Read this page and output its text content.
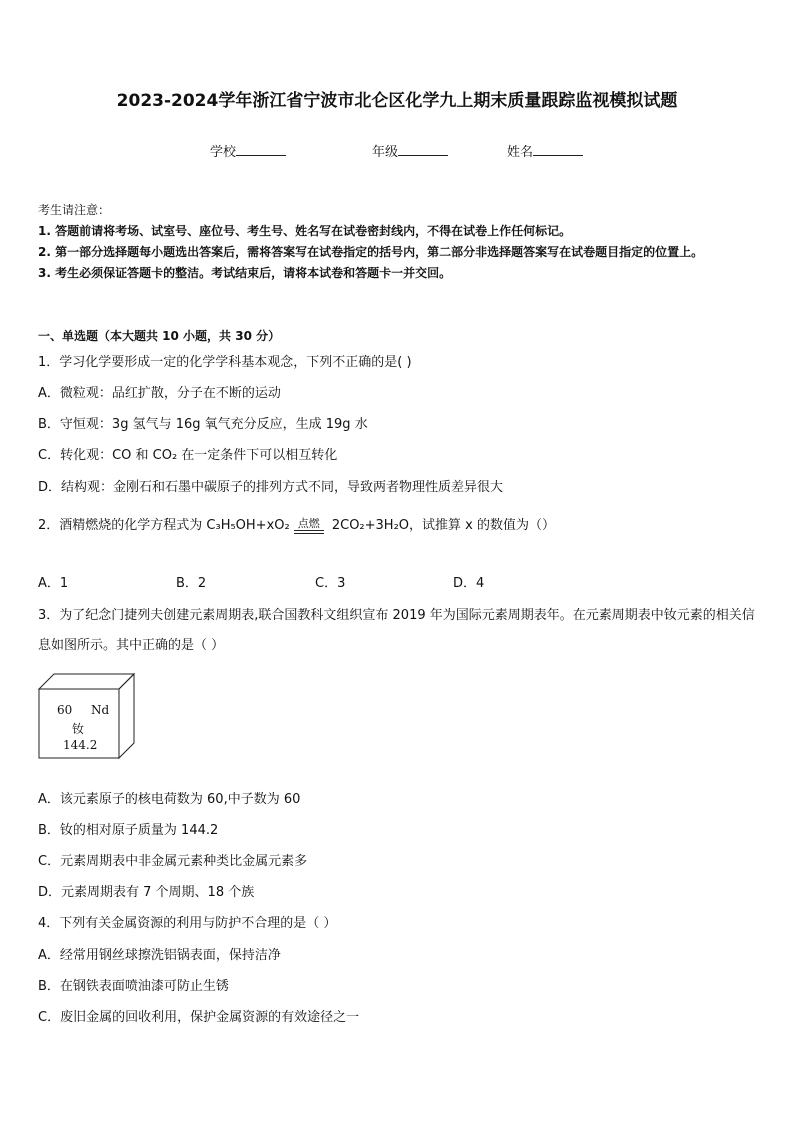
2023-2024学年浙江省宁波市北仑区化学九上期末质量跟踪监视模拟试题
学校	年级	姓名
考生请注意：
1. 答题前请将考场、试室号、座位号、考生号、姓名写在试卷密封线内，不得在试卷上作任何标记。
2. 第一部分选择题每小题选出答案后，需将答案写在试卷指定的括号内，第二部分非选择题答案写在试卷题目指定的位置上。
3. 考生必须保证答题卡的整洁。考试结束后，请将本试卷和答题卡一并交回。
一、单选题（本大题共 10 小题，共 30 分）
1．学习化学要形成一定的化学学科基本观念，下列不正确的是( )
A．微粒观：品红扩散，分子在不断的运动
B．守恒观：3g 氢气与 16g 氧气充分反应，生成 19g 水
C．转化观：CO 和 CO₂ 在一定条件下可以相互转化
D．结构观：金刚石和石墨中碳原子的排列方式不同，导致两者物理性质差异很大
2．酒精燃烧的化学方程式为 C₃H₅OH+xO₂ 点燃 2CO₂+3H₂O，试推算 x 的数值为（）
A．1	B．2	C．3	D．4
3．为了纪念门捷列夫创建元素周期表,联合国教科文组织宣布 2019 年为国际元素周期表年。在元素周期表中钕元素的相关信息如图所示。其中正确的是（ ）
60 Nd
钕
144.2
A．该元素原子的核电荷数为 60,中子数为 60
B．钕的相对原子质量为 144.2
C．元素周期表中非金属元素种类比金属元素多
D．元素周期表有 7 个周期、18 个族
4．下列有关金属资源的利用与防护不合理的是（ ）
A．经常用钢丝球擦洗铝锅表面，保持洁净
B．在钢铁表面喷油漆可防止生锈
C．废旧金属的回收利用，保护金属资源的有效途径之一
